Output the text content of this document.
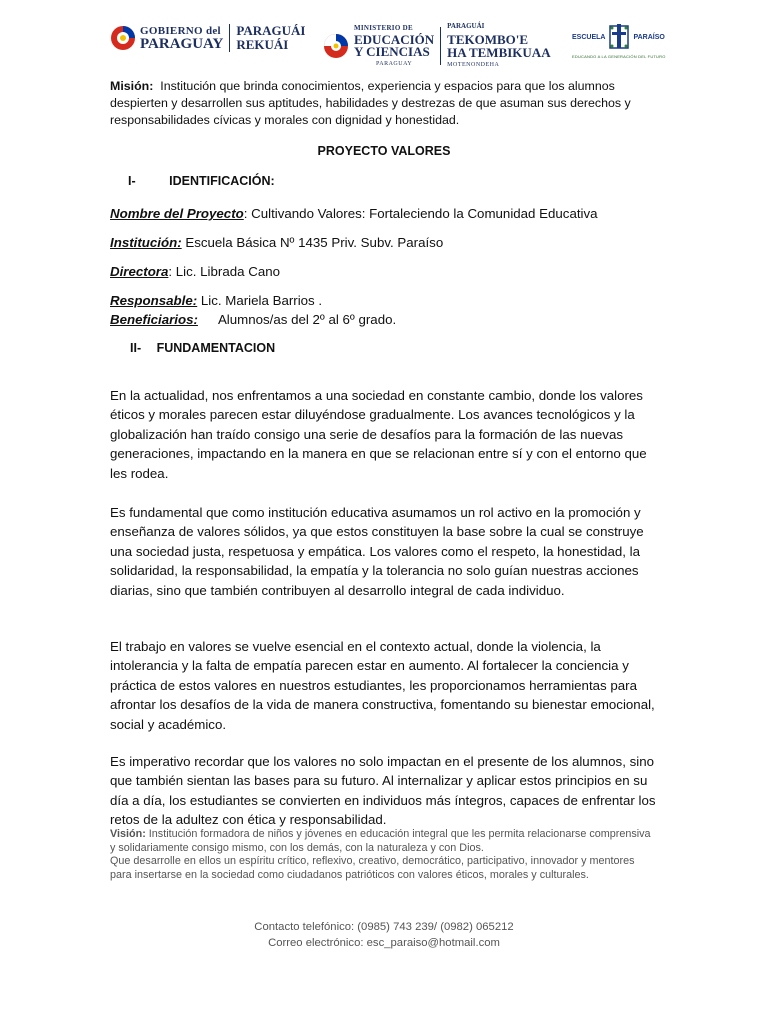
GOBIERNO del
PARAGUAY
PARAGUÁI
REKUÁI
MINISTERIO DE
EDUCACIÓN
Y CIENCIAS
PARAGUAY
PARAGUÁI
TEKOMBO'E
HA TEMBIKUAA
MOTENONDEHA
ESCUELA	PARAÍSO
EDUCANDO A LA GENERACIÓN DEL FUTURO
Misión: Institución que brinda conocimientos, experiencia y espacios para que los alumnos despierten y desarrollen sus aptitudes, habilidades y destrezas de que asuman sus derechos y responsabilidades cívicas y morales con dignidad y honestidad.
PROYECTO VALORES
I-	IDENTIFICACIÓN:
Nombre del Proyecto: Cultivando Valores: Fortaleciendo la Comunidad Educativa
Institución: Escuela Básica Nº 1435 Priv. Subv. Paraíso
Directora: Lic. Librada Cano
Responsable: Lic. Mariela Barrios .
Beneficiarios: Alumnos/as del 2º al 6º grado.
II- FUNDAMENTACION
En la actualidad, nos enfrentamos a una sociedad en constante cambio, donde los valores éticos y morales parecen estar diluyéndose gradualmente. Los avances tecnológicos y la globalización han traído consigo una serie de desafíos para la formación de las nuevas generaciones, impactando en la manera en que se relacionan entre sí y con el entorno que les rodea.
Es fundamental que como institución educativa asumamos un rol activo en la promoción y enseñanza de valores sólidos, ya que estos constituyen la base sobre la cual se construye una sociedad justa, respetuosa y empática. Los valores como el respeto, la honestidad, la solidaridad, la responsabilidad, la empatía y la tolerancia no solo guían nuestras acciones diarias, sino que también contribuyen al desarrollo integral de cada individuo.
El trabajo en valores se vuelve esencial en el contexto actual, donde la violencia, la intolerancia y la falta de empatía parecen estar en aumento. Al fortalecer la conciencia y práctica de estos valores en nuestros estudiantes, les proporcionamos herramientas para afrontar los desafíos de la vida de manera constructiva, fomentando su bienestar emocional, social y académico.
Es imperativo recordar que los valores no solo impactan en el presente de los alumnos, sino que también sientan las bases para su futuro. Al internalizar y aplicar estos principios en su día a día, los estudiantes se convierten en individuos más íntegros, capaces de enfrentar los retos de la adultez con ética y responsabilidad.
Visión: Institución formadora de niños y jóvenes en educación integral que les permita relacionarse comprensiva y solidariamente consigo mismo, con los demás, con la naturaleza y con Dios.
Que desarrolle en ellos un espíritu crítico, reflexivo, creativo, democrático, participativo, innovador y mentores para insertarse en la sociedad como ciudadanos patrióticos con valores éticos, morales y culturales.
Contacto telefónico: (0985) 743 239/ (0982) 065212
Correo electrónico: esc_paraiso@hotmail.com
